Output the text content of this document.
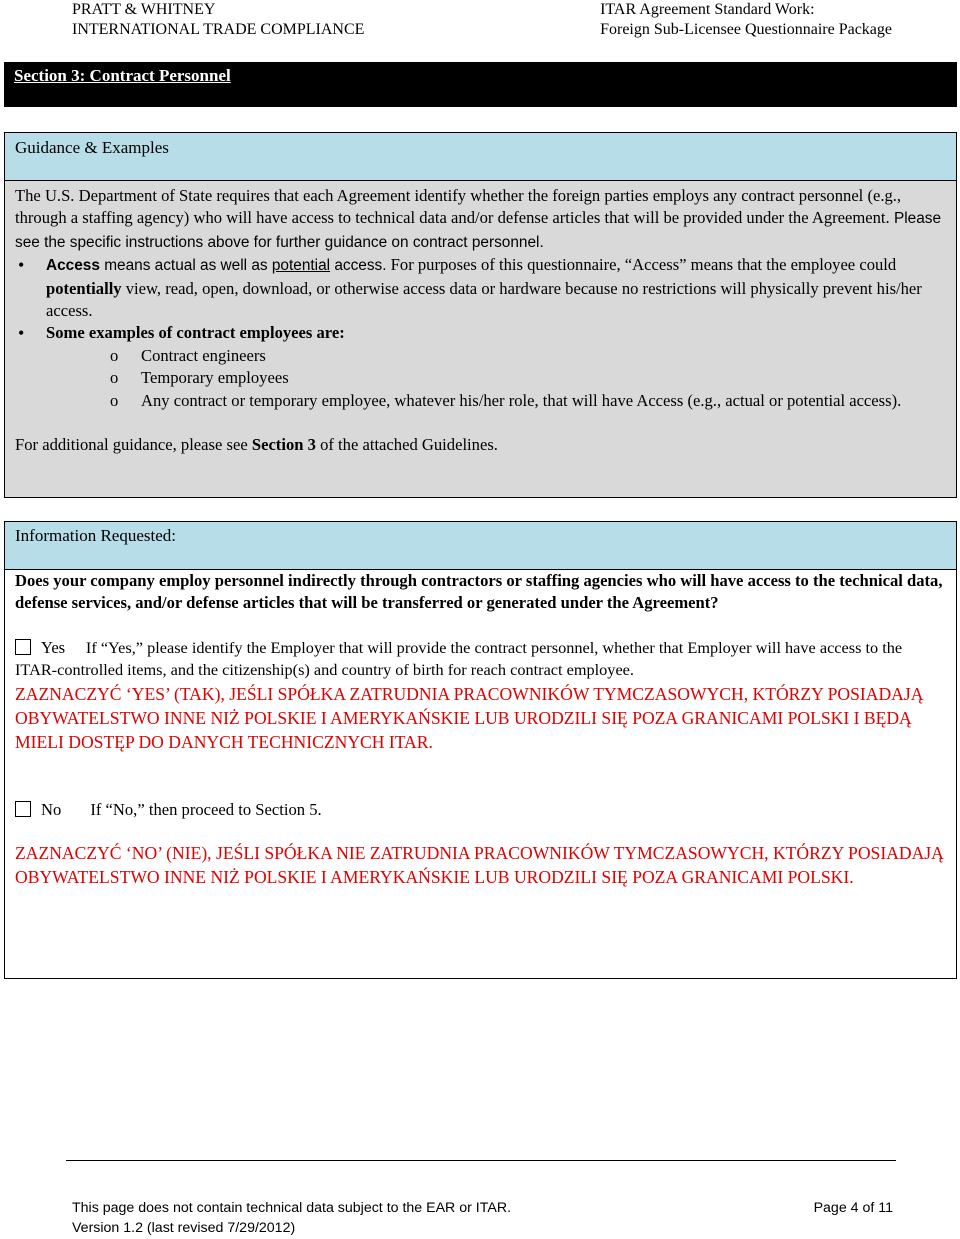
PRATT & WHITNEY
INTERNATIONAL TRADE COMPLIANCE
ITAR Agreement Standard Work:
Foreign Sub-Licensee Questionnaire Package
Section 3: Contract Personnel
Guidance & Examples
The U.S. Department of State requires that each Agreement identify whether the foreign parties employs any contract personnel (e.g., through a staffing agency) who will have access to technical data and/or defense articles that will be provided under the Agreement. Please see the specific instructions above for further guidance on contract personnel.
• Access means actual as well as potential access. For purposes of this questionnaire, “Access” means that the employee could potentially view, read, open, download, or otherwise access data or hardware because no restrictions will physically prevent his/her access.
• Some examples of contract employees are:
o Contract engineers
o Temporary employees
o Any contract or temporary employee, whatever his/her role, that will have Access (e.g., actual or potential access).
For additional guidance, please see Section 3 of the attached Guidelines.
Information Requested:
Does your company employ personnel indirectly through contractors or staffing agencies who will have access to the technical data, defense services, and/or defense articles that will be transferred or generated under the Agreement?
Yes If “Yes,” please identify the Employer that will provide the contract personnel, whether that Employer will have access to the ITAR-controlled items, and the citizenship(s) and country of birth for reach contract employee.
ZAZNACZYĆ ‘YES’ (TAK), JEŚLI SPÓŁKA ZATRUDNIA PRACOWNIKÓW TYMCZASOWYCH, KTÓRZY POSIADAJĄ OBYWATELSTWO INNE NIŻ POLSKIE I AMERYKAŃSKIE LUB URODZILI SIĘ POZA GRANICAMI POLSKI I BĘDĄ MIELI DOSTĘP DO DANYCH TECHNICZNYCH ITAR.
No If “No,” then proceed to Section 5.
ZAZNACZYĆ ‘NO’ (NIE), JEŚLI SPÓŁKA NIE ZATRUDNIA PRACOWNIKÓW TYMCZASOWYCH, KTÓRZY POSIADAJĄ OBYWATELSTWO INNE NIŻ POLSKIE I AMERYKAŃSKIE LUB URODZILI SIĘ POZA GRANICAMI POLSKI.
This page does not contain technical data subject to the EAR or ITAR.
Version 1.2 (last revised 7/29/2012)
Page 4 of 11
